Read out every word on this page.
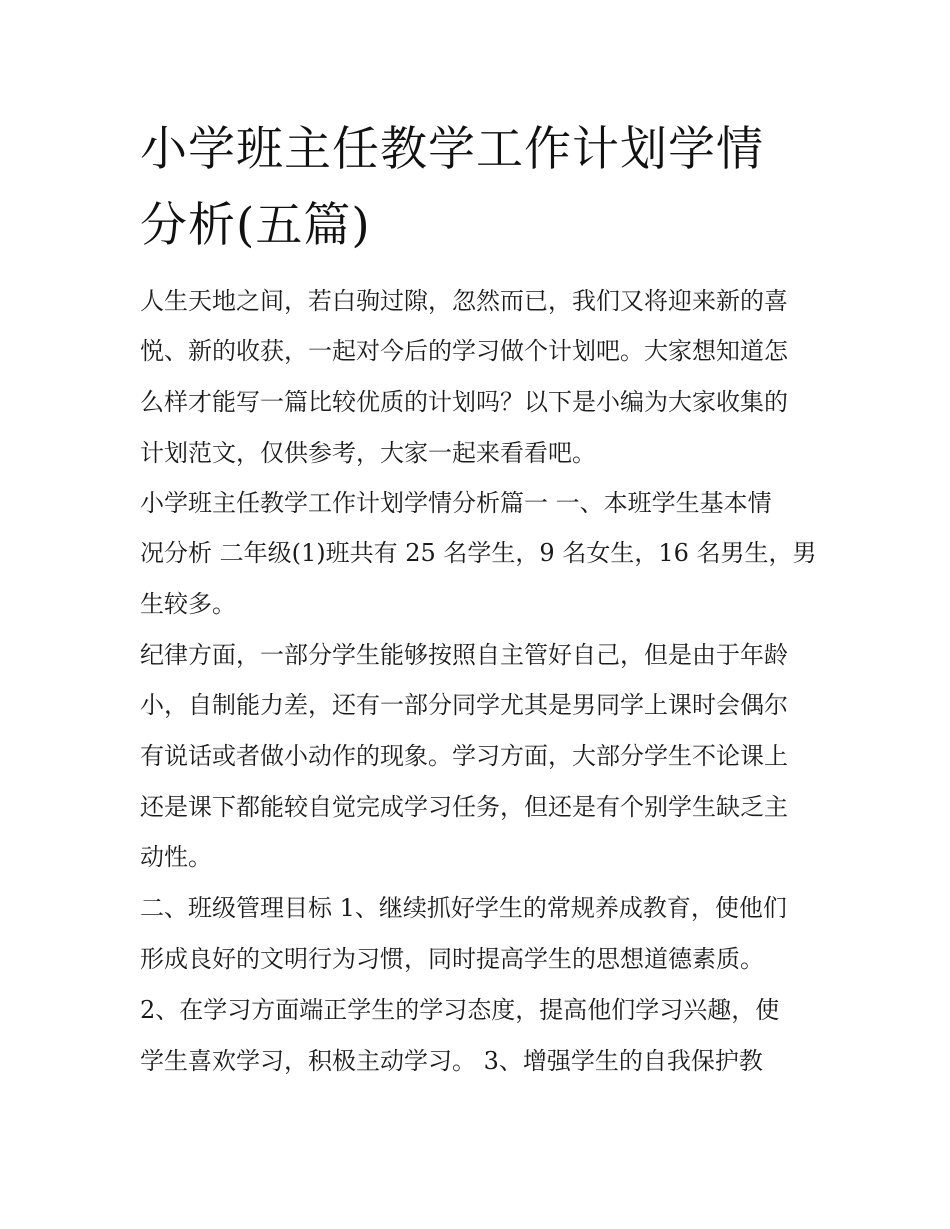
小学班主任教学工作计划学情
分析(五篇)

人生天地之间，若白驹过隙，忽然而已，我们又将迎来新的喜

悦、新的收获，一起对今后的学习做个计划吧。大家想知道怎

么样才能写一篇比较优质的计划吗？以下是小编为大家收集的

计划范文，仅供参考，大家一起来看看吧。

小学班主任教学工作计划学情分析篇一 一、本班学生基本情

况分析 二年级(1)班共有 25 名学生，9 名女生，16 名男生，男

生较多。

纪律方面，一部分学生能够按照自主管好自己，但是由于年龄

小，自制能力差，还有一部分同学尤其是男同学上课时会偶尔

有说话或者做小动作的现象。学习方面，大部分学生不论课上

还是课下都能较自觉完成学习任务，但还是有个别学生缺乏主

动性。

二、班级管理目标 1、继续抓好学生的常规养成教育，使他们

形成良好的文明行为习惯，同时提高学生的思想道德素质。

2、在学习方面端正学生的学习态度，提高他们学习兴趣，使

学生喜欢学习，积极主动学习。 3、增强学生的自我保护教
